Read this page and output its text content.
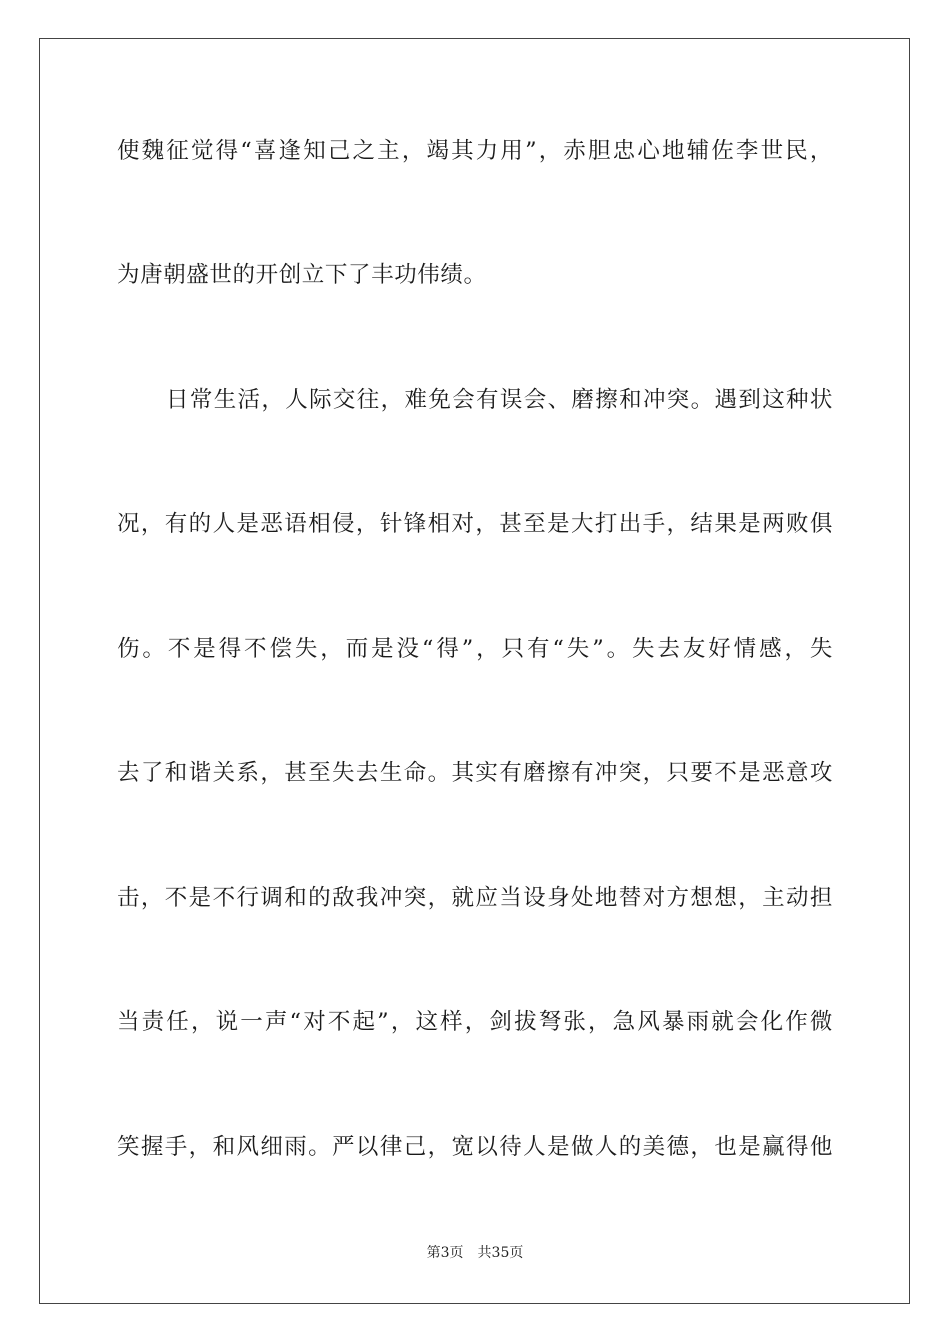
使魏征觉得“喜逢知己之主，竭其力用”，赤胆忠心地辅佐李世民，
为唐朝盛世的开创立下了丰功伟绩。
日常生活，人际交往，难免会有误会、磨擦和冲突。遇到这种状
况，有的人是恶语相侵，针锋相对，甚至是大打出手，结果是两败俱
伤。不是得不偿失，而是没“得”，只有“失”。失去友好情感，失
去了和谐关系，甚至失去生命。其实有磨擦有冲突，只要不是恶意攻
击，不是不行调和的敌我冲突，就应当设身处地替对方想想，主动担
当责任，说一声“对不起”，这样，剑拔弩张，急风暴雨就会化作微
笑握手，和风细雨。严以律己，宽以待人是做人的美德，也是赢得他
第3页 共35页
